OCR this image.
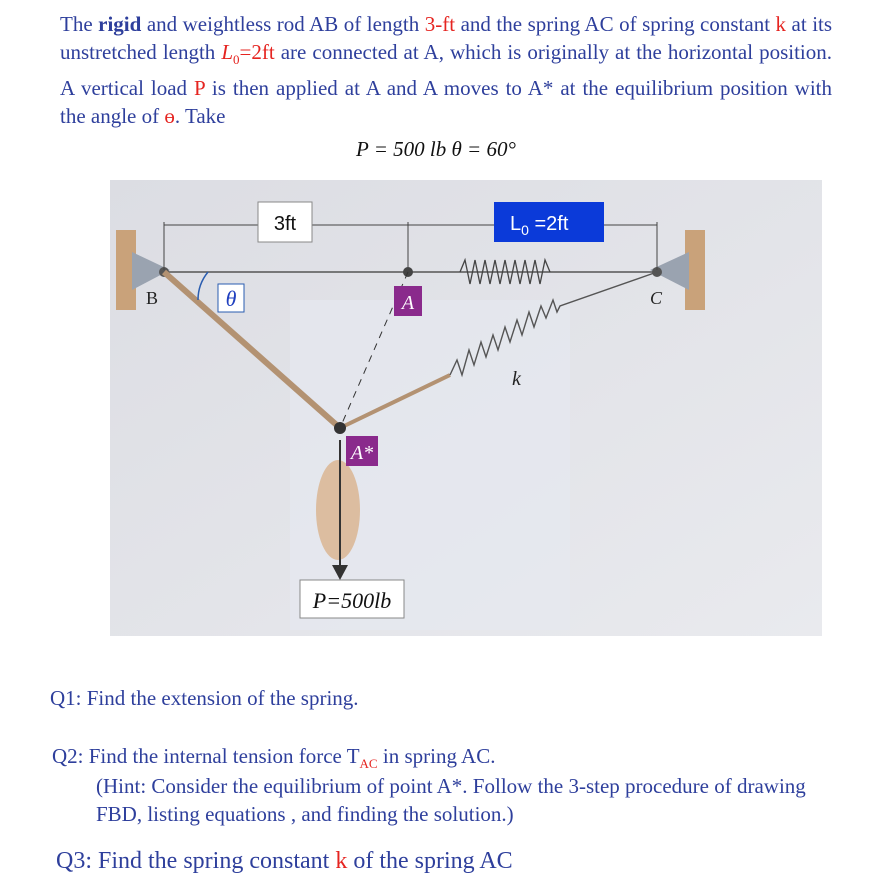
The rigid and weightless rod AB of length 3-ft and the spring AC of spring constant k at its unstretched length $L_0=2ft$ are connected at A, which is originally at the horizontal position. A vertical load P is then applied at A and A moves to A* at the equilibrium position with the angle of ɵ. Take

P = 500 lb θ = 60°
3ft	$L_0 =2ft$
B	C
θ	A
A*
k
P=500lb

Q1: Find the extension of the spring.

Q2: Find the internal tension force $T_{AC}$ in spring AC.
(Hint: Consider the equilibrium of point A*. Follow the 3-step procedure of drawing FBD, listing equations , and finding the solution.)

Q3: Find the spring constant k of the spring AC
